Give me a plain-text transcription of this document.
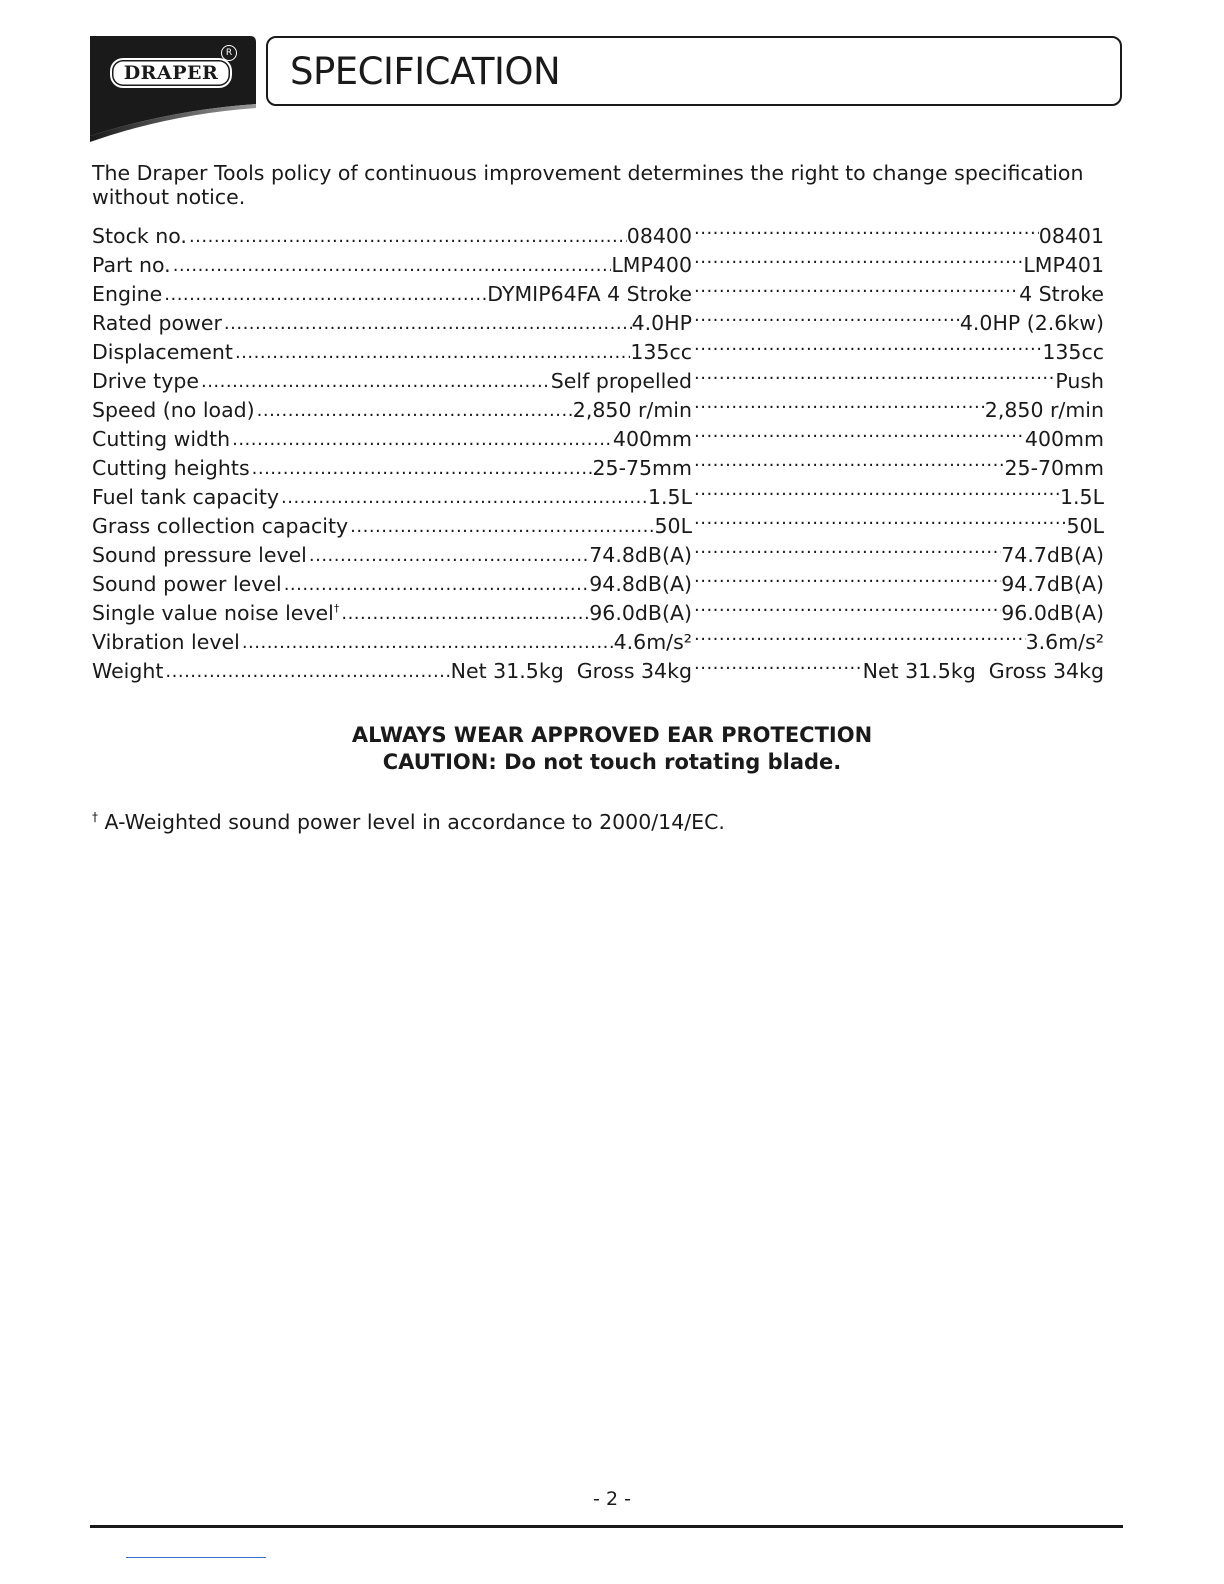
DRAPER
R SPECIFICATION

The Draper Tools policy of continuous improvement determines the right to change specification without notice.

Stock no. .....	08400 .....	08401
Part no. .....	LMP400 .....	LMP401
Engine .....	DYMIP64FA 4 Stroke .....	4 Stroke
Rated power .....	4.0HP .....	4.0HP (2.6kw)
Displacement .....	135cc .....	135cc
Drive type .....	Self propelled .....	Push
Speed (no load) .....	2,850 r/min .....	2,850 r/min
Cutting width .....	400mm .....	400mm
Cutting heights .....	25-75mm .....	25-70mm
Fuel tank capacity .....	1.5L .....	1.5L
Grass collection capacity .....	50L .....	50L
Sound pressure level .....	74.8dB(A) .....	74.7dB(A)
Sound power level .....	94.8dB(A) .....	94.7dB(A)
Single value noise level† .....	96.0dB(A) .....	96.0dB(A)
Vibration level .....	4.6m/s² .....	3.6m/s²
Weight .....	Net 31.5kg  Gross 34kg .....	Net 31.5kg  Gross 34kg

ALWAYS WEAR APPROVED EAR PROTECTION

CAUTION: Do not touch rotating blade.

† A-Weighted sound power level in accordance to 2000/14/EC.

- 2 -
